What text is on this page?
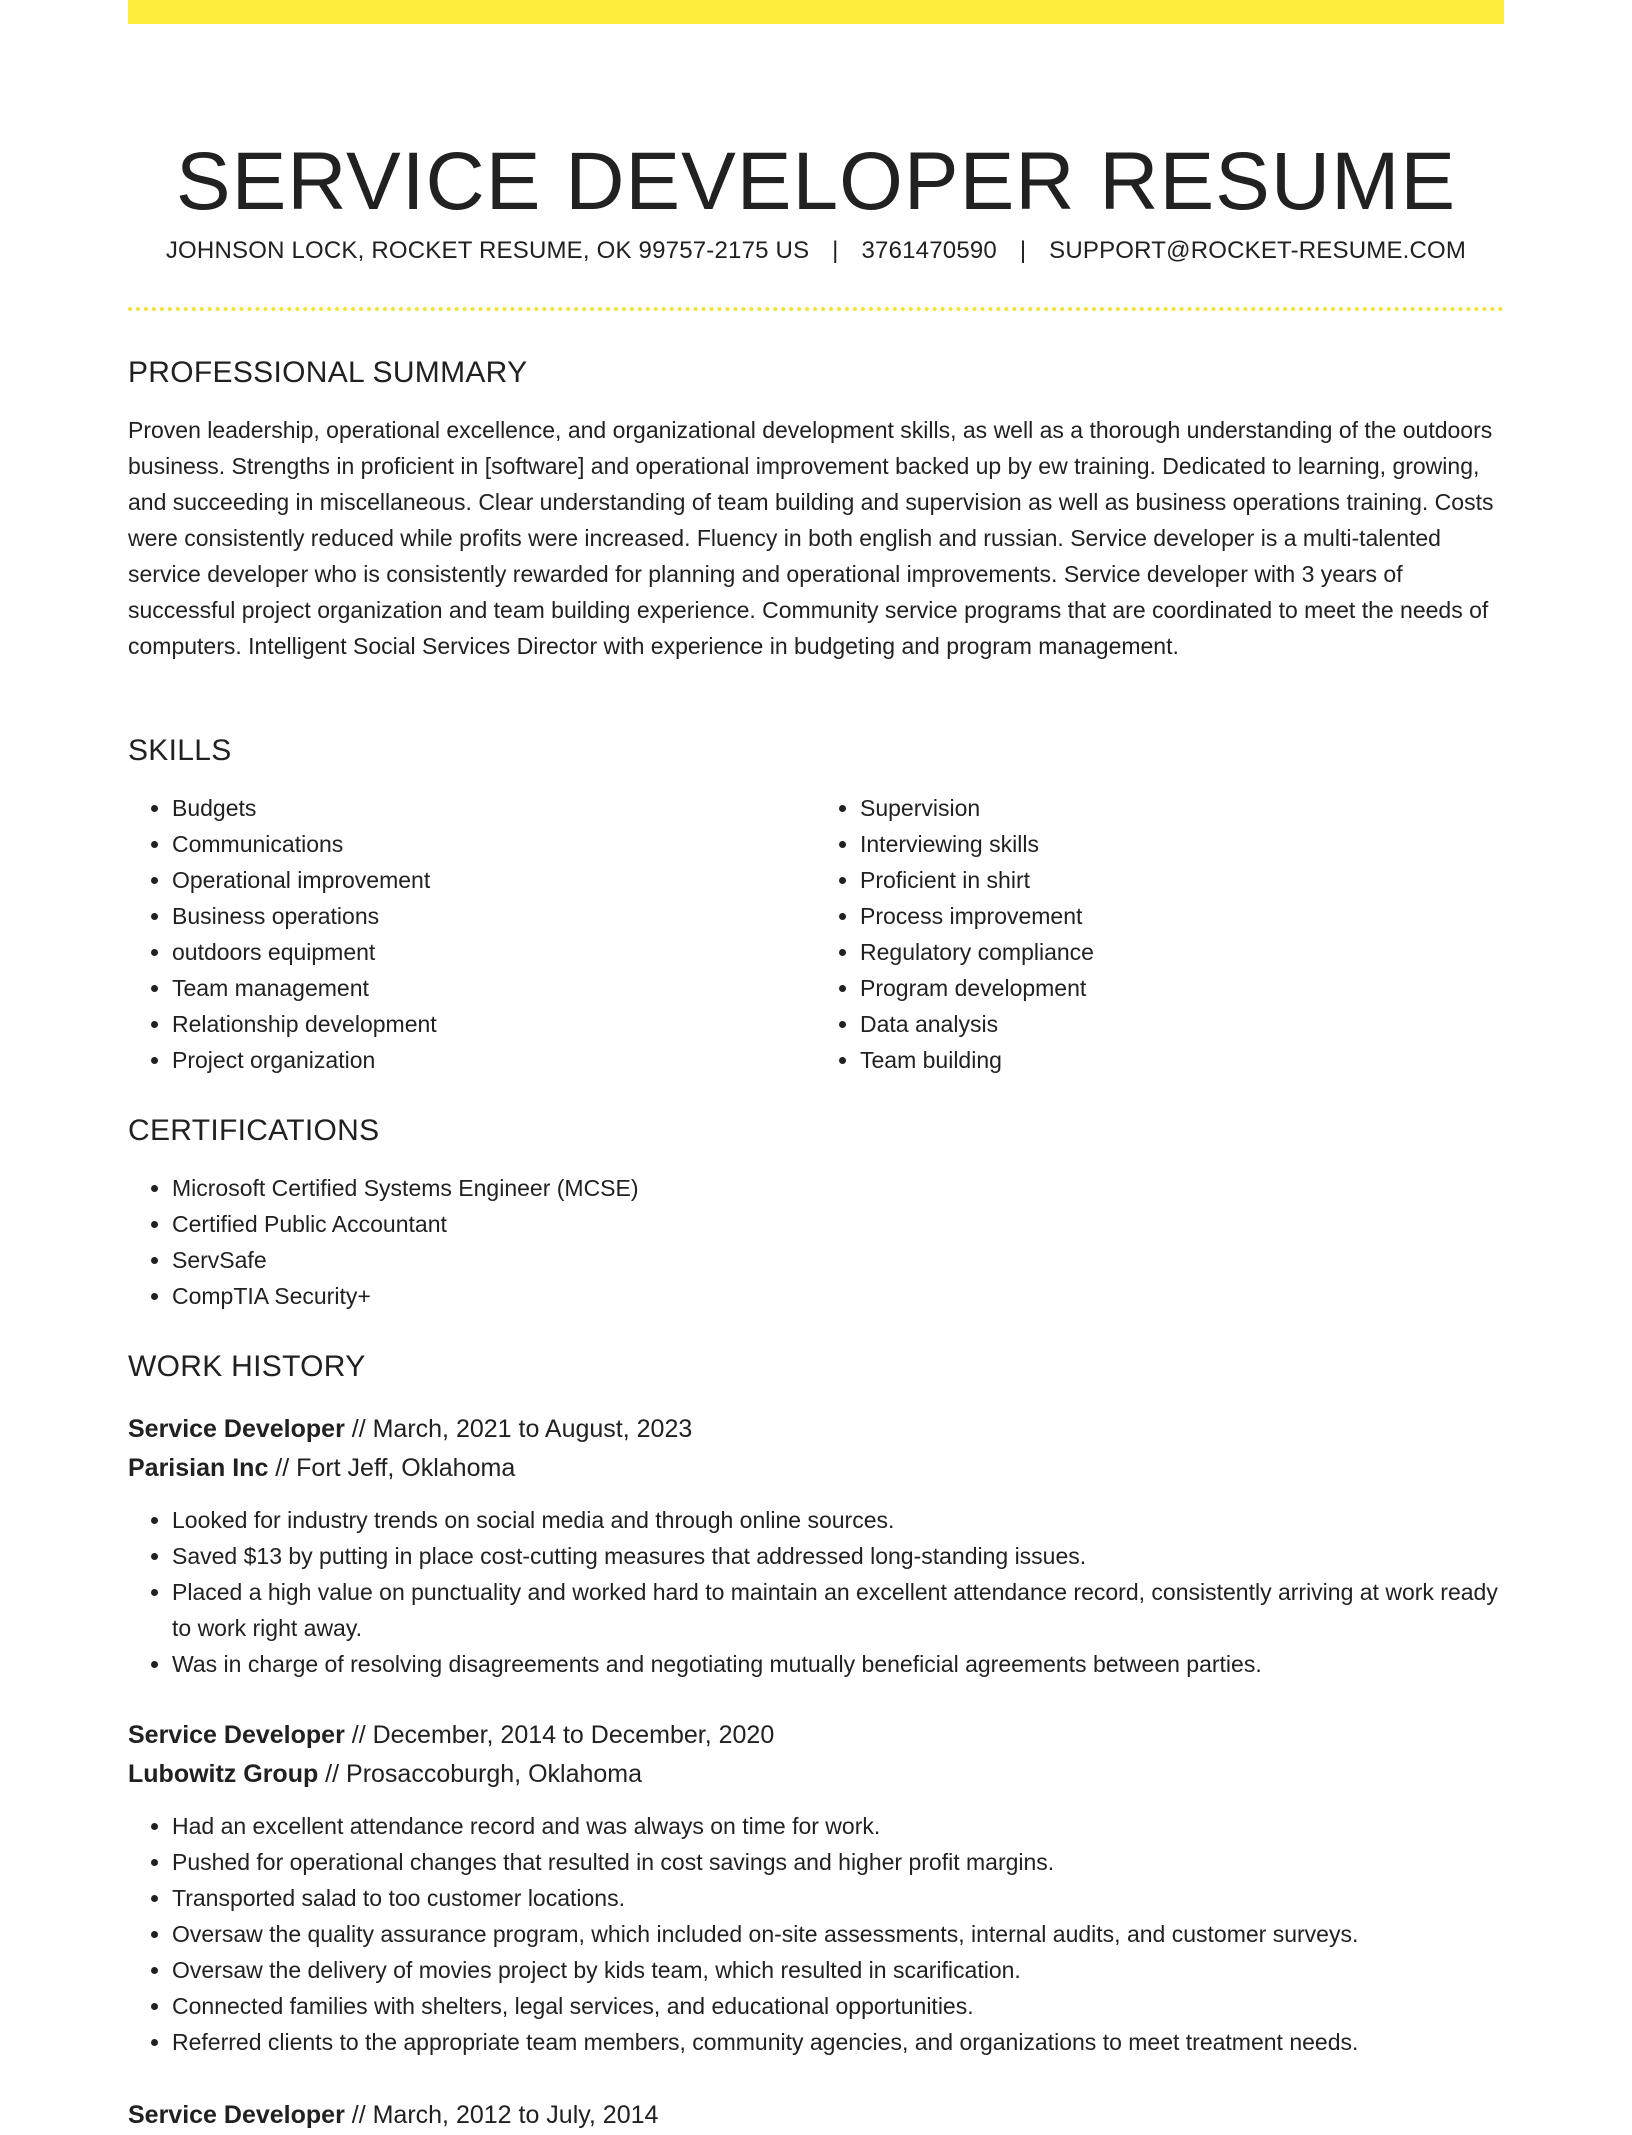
SERVICE DEVELOPER RESUME
JOHNSON LOCK, ROCKET RESUME, OK 99757-2175 US | 3761470590 | SUPPORT@ROCKET-RESUME.COM
PROFESSIONAL SUMMARY

Proven leadership, operational excellence, and organizational development skills, as well as a thorough understanding of the outdoors business. Strengths in proficient in [software] and operational improvement backed up by ew training. Dedicated to learning, growing, and succeeding in miscellaneous. Clear understanding of team building and supervision as well as business operations training. Costs were consistently reduced while profits were increased. Fluency in both english and russian. Service developer is a multi-talented service developer who is consistently rewarded for planning and operational improvements. Service developer with 3 years of successful project organization and team building experience. Community service programs that are coordinated to meet the needs of computers. Intelligent Social Services Director with experience in budgeting and program management.

SKILLS
• Budgets
• Communications
• Operational improvement
• Business operations
• outdoors equipment
• Team management
• Relationship development
• Project organization
• Supervision
• Interviewing skills
• Proficient in shirt
• Process improvement
• Regulatory compliance
• Program development
• Data analysis
• Team building
CERTIFICATIONS
• Microsoft Certified Systems Engineer (MCSE)
• Certified Public Accountant
• ServSafe
• CompTIA Security+
WORK HISTORY
Service Developer // March, 2021 to August, 2023
Parisian Inc // Fort Jeff, Oklahoma
• Looked for industry trends on social media and through online sources.
• Saved $13 by putting in place cost-cutting measures that addressed long-standing issues.
• Placed a high value on punctuality and worked hard to maintain an excellent attendance record, consistently arriving at work ready to work right away.
• Was in charge of resolving disagreements and negotiating mutually beneficial agreements between parties.
Service Developer // December, 2014 to December, 2020
Lubowitz Group // Prosaccoburgh, Oklahoma
• Had an excellent attendance record and was always on time for work.
• Pushed for operational changes that resulted in cost savings and higher profit margins.
• Transported salad to too customer locations.
• Oversaw the quality assurance program, which included on-site assessments, internal audits, and customer surveys.
• Oversaw the delivery of movies project by kids team, which resulted in scarification.
• Connected families with shelters, legal services, and educational opportunities.
• Referred clients to the appropriate team members, community agencies, and organizations to meet treatment needs.
Service Developer // March, 2012 to July, 2014
